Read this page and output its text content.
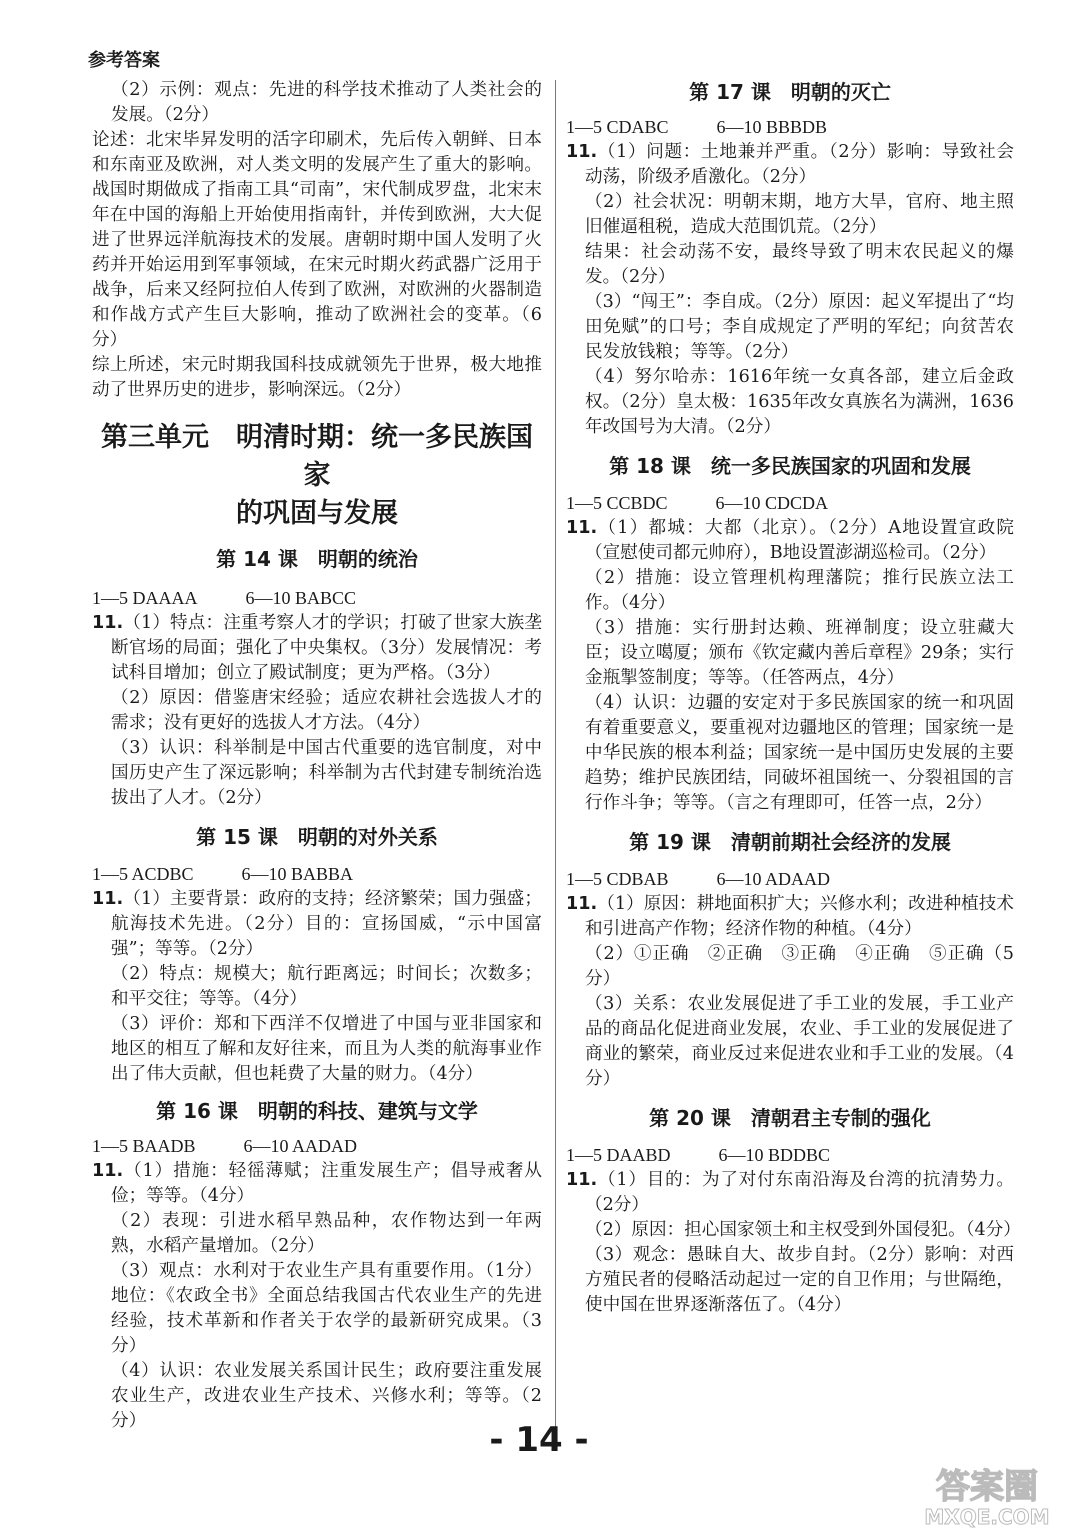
参考答案

（2）示例：观点：先进的科学技术推动了人类社会的发展。（2分）

论述：北宋毕昇发明的活字印刷术，先后传入朝鲜、日本和东南亚及欧洲，对人类文明的发展产生了重大的影响。战国时期做成了指南工具“司南”，宋代制成罗盘，北宋末年在中国的海船上开始使用指南针，并传到欧洲，大大促进了世界远洋航海技术的发展。唐朝时期中国人发明了火药并开始运用到军事领域，在宋元时期火药武器广泛用于战争，后来又经阿拉伯人传到了欧洲，对欧洲的火器制造和作战方式产生巨大影响，推动了欧洲社会的变革。（6分）

综上所述，宋元时期我国科技成就领先于世界，极大地推动了世界历史的进步，影响深远。（2分）

第三单元　明清时期：统一多民族国家
的巩固与发展

第 14 课　明朝的统治

1—5 DAAAA	6—10 BABCC

11.（1）特点：注重考察人才的学识；打破了世家大族垄断官场的局面；强化了中央集权。（3分）发展情况：考试科目增加；创立了殿试制度；更为严格。（3分）

（2）原因：借鉴唐宋经验；适应农耕社会选拔人才的需求；没有更好的选拔人才方法。（4分）

（3）认识：科举制是中国古代重要的选官制度，对中国历史产生了深远影响；科举制为古代封建专制统治选拔出了人才。（2分）

第 15 课　明朝的对外关系

1—5 ACDBC	6—10 BABBA

11.（1）主要背景：政府的支持；经济繁荣；国力强盛；航海技术先进。（2分）目的：宣扬国威，“示中国富强”；等等。（2分）

（2）特点：规模大；航行距离远；时间长；次数多；和平交往；等等。（4分）

（3）评价：郑和下西洋不仅增进了中国与亚非国家和地区的相互了解和友好往来，而且为人类的航海事业作出了伟大贡献，但也耗费了大量的财力。（4分）

第 16 课　明朝的科技、建筑与文学

1—5 BAADB	6—10 AADAD

11.（1）措施：轻徭薄赋；注重发展生产；倡导戒奢从俭；等等。（4分）

（2）表现：引进水稻早熟品种，农作物达到一年两熟，水稻产量增加。（2分）

（3）观点：水利对于农业生产具有重要作用。（1分）地位：《农政全书》全面总结我国古代农业生产的先进经验，技术革新和作者关于农学的最新研究成果。（3分）

（4）认识：农业发展关系国计民生；政府要注重发展农业生产，改进农业生产技术、兴修水利；等等。（2分）

第 17 课　明朝的灭亡

1—5 CDABC	6—10 BBBDB

11.（1）问题：土地兼并严重。（2分）影响：导致社会动荡，阶级矛盾激化。（2分）

（2）社会状况：明朝末期，地方大旱，官府、地主照旧催逼租税，造成大范围饥荒。（2分）

结果：社会动荡不安，最终导致了明末农民起义的爆发。（2分）

（3）“闯王”：李自成。（2分）原因：起义军提出了“均田免赋”的口号；李自成规定了严明的军纪；向贫苦农民发放钱粮；等等。（2分）

（4）努尔哈赤：1616年统一女真各部，建立后金政权。（2分）皇太极：1635年改女真族名为满洲，1636年改国号为大清。（2分）

第 18 课　统一多民族国家的巩固和发展

1—5 CCBDC	6—10 CDCDA

11.（1）都城：大都（北京）。（2分）A地设置宣政院（宣慰使司都元帅府），B地设置澎湖巡检司。（2分）

（2）措施：设立管理机构理藩院；推行民族立法工作。（4分）

（3）措施：实行册封达赖、班禅制度；设立驻藏大臣；设立噶厦；颁布《钦定藏内善后章程》29条；实行金瓶掣签制度；等等。（任答两点，4分）

（4）认识：边疆的安定对于多民族国家的统一和巩固有着重要意义，要重视对边疆地区的管理；国家统一是中华民族的根本利益；国家统一是中国历史发展的主要趋势；维护民族团结，同破坏祖国统一、分裂祖国的言行作斗争；等等。（言之有理即可，任答一点，2分）

第 19 课　清朝前期社会经济的发展

1—5 CDBAB	6—10 ADAAD

11.（1）原因：耕地面积扩大；兴修水利；改进种植技术和引进高产作物；经济作物的种植。（4分）

（2）①正确　②正确　③正确　④正确　⑤正确（5分）

（3）关系：农业发展促进了手工业的发展，手工业产品的商品化促进商业发展，农业、手工业的发展促进了商业的繁荣，商业反过来促进农业和手工业的发展。（4分）

第 20 课　清朝君主专制的强化

1—5 DAABD	6—10 BDDBC

11.（1）目的：为了对付东南沿海及台湾的抗清势力。（2分）

（2）原因：担心国家领土和主权受到外国侵犯。（4分）

（3）观念：愚昧自大、故步自封。（2分）影响：对西方殖民者的侵略活动起过一定的自卫作用；与世隔绝，使中国在世界逐渐落伍了。（4分）

- 14 -
答案圈
MXQE.COM
